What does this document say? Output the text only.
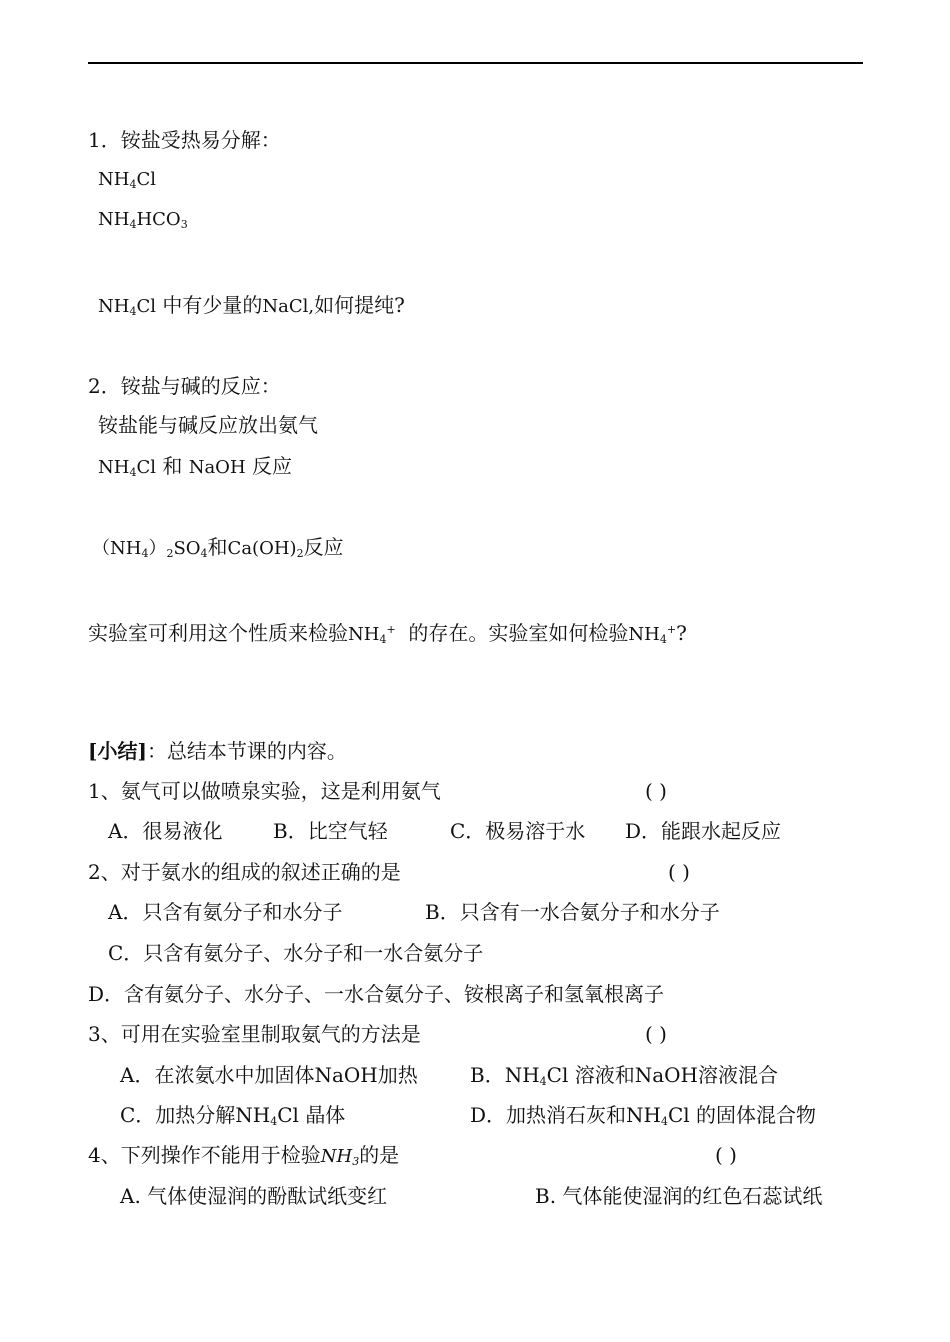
1．铵盐受热易分解：
$NH_4Cl$
$NH_4HCO_3$
$NH_4Cl$ 中有少量的NaCl,如何提纯?
2．铵盐与碱的反应：
铵盐能与碱反应放出氨气
$NH_4Cl$ 和 NaOH 反应
$(NH_4)_2SO_4$和$Ca(OH)_2$反应
实验室可利用这个性质来检验$NH_4^+$ 的存在。实验室如何检验$NH_4^+$?
[小结]：总结本节课的内容。
1、氨气可以做喷泉实验，这是利用氨气	( )
A．很易液化	B．比空气轻	C．极易溶于水 D．能跟水起反应
2、对于氨水的组成的叙述正确的是	( )
A．只含有氨分子和水分子	B．只含有一水合氨分子和水分子
C．只含有氨分子、水分子和一水合氨分子
D．含有氨分子、水分子、一水合氨分子、铵根离子和氢氧根离子
3、可用在实验室里制取氨气的方法是	( )
A．在浓氨水中加固体NaOH加热	B．$NH_4Cl$ 溶液和NaOH溶液混合
C．加热分解$NH_4Cl$ 晶体	D．加热消石灰和$NH_4Cl$ 的固体混合物
4、下列操作不能用于检验$NH_3$的是	( )
A. 气体使湿润的酚酞试纸变红	B. 气体能使湿润的红色石蕊试纸
